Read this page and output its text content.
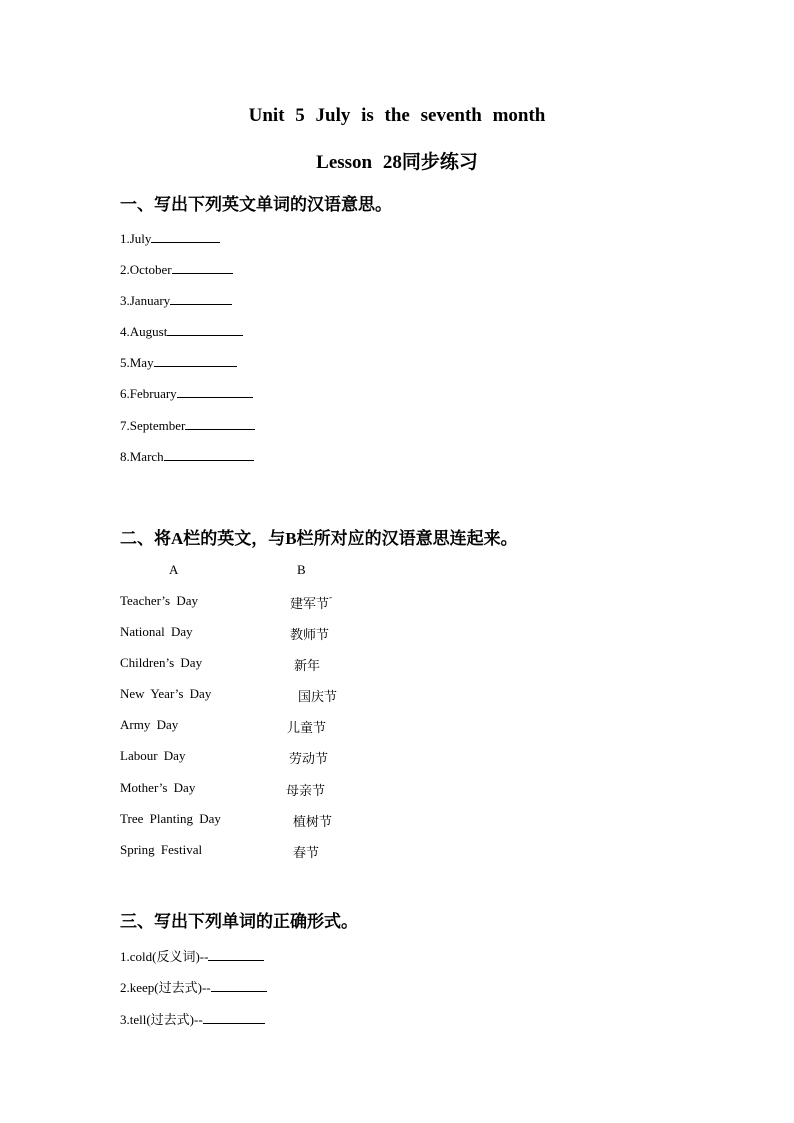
Unit 5 July is the seventh month
Lesson 28同步练习
一、写出下列英文单词的汉语意思。
1.July
2.October
3.January
4.August
5.May
6.February
7.September
8.March
二、将A栏的英文，与B栏所对应的汉语意思连起来。
A	B
Teacher’s Day
National Day
Children’s Day
New Year’s Day
Army Day
Labour Day
Mother’s Day
Tree Planting Day
Spring Festival
建军节-
教师节
新年
国庆节
儿童节
劳动节
母亲节
植树节
春节
三、写出下列单词的正确形式。
1.cold(反义词)--
2.keep(过去式)--
3.tell(过去式)--
